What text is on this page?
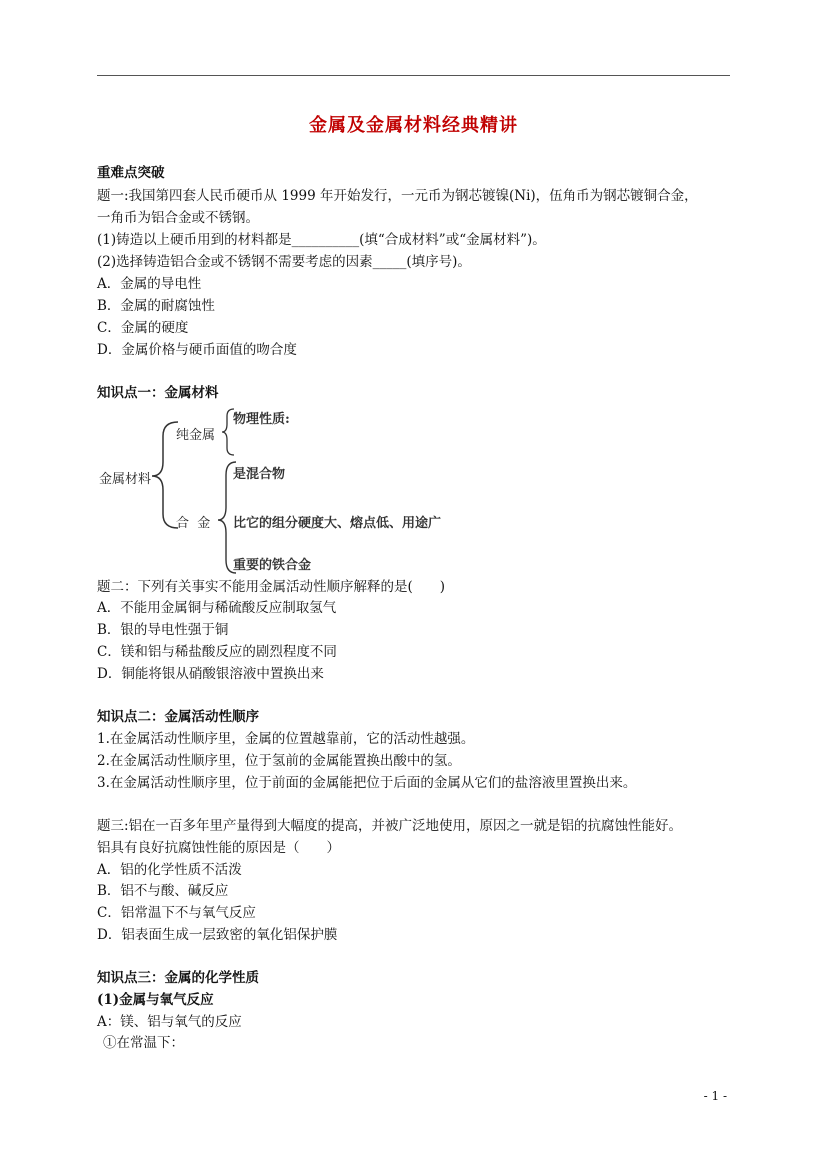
金属及金属材料经典精讲
重难点突破
题一:我国第四套人民币硬币从 1999 年开始发行，一元币为钢芯镀镍(Ni)，伍角币为钢芯镀铜合金，
一角币为铝合金或不锈钢。
(1)铸造以上硬币用到的材料都是__________(填“合成材料”或“金属材料”)。
(2)选择铸造铝合金或不锈钢不需要考虑的因素_____(填序号)。
A．金属的导电性
B．金属的耐腐蚀性
C．金属的硬度
D．金属价格与硬币面值的吻合度
知识点一：金属材料
金属材料
纯金属
物理性质:
合  金
是混合物
比它的组分硬度大、熔点低、用途广
重要的铁合金
题二：下列有关事实不能用金属活动性顺序解释的是(　　)
A．不能用金属铜与稀硫酸反应制取氢气
B．银的导电性强于铜
C．镁和铝与稀盐酸反应的剧烈程度不同
D．铜能将银从硝酸银溶液中置换出来
知识点二：金属活动性顺序
1.在金属活动性顺序里，金属的位置越靠前，它的活动性越强。
2.在金属活动性顺序里，位于氢前的金属能置换出酸中的氢。
3.在金属活动性顺序里，位于前面的金属能把位于后面的金属从它们的盐溶液里置换出来。
题三:铝在一百多年里产量得到大幅度的提高，并被广泛地使用，原因之一就是铝的抗腐蚀性能好。
铝具有良好抗腐蚀性能的原因是（　　）
A．铝的化学性质不活泼
B．铝不与酸、碱反应
C．铝常温下不与氧气反应
D．铝表面生成一层致密的氧化铝保护膜
知识点三：金属的化学性质
(1)金属与氧气反应
A：镁、铝与氧气的反应
①在常温下：
- 1 -
